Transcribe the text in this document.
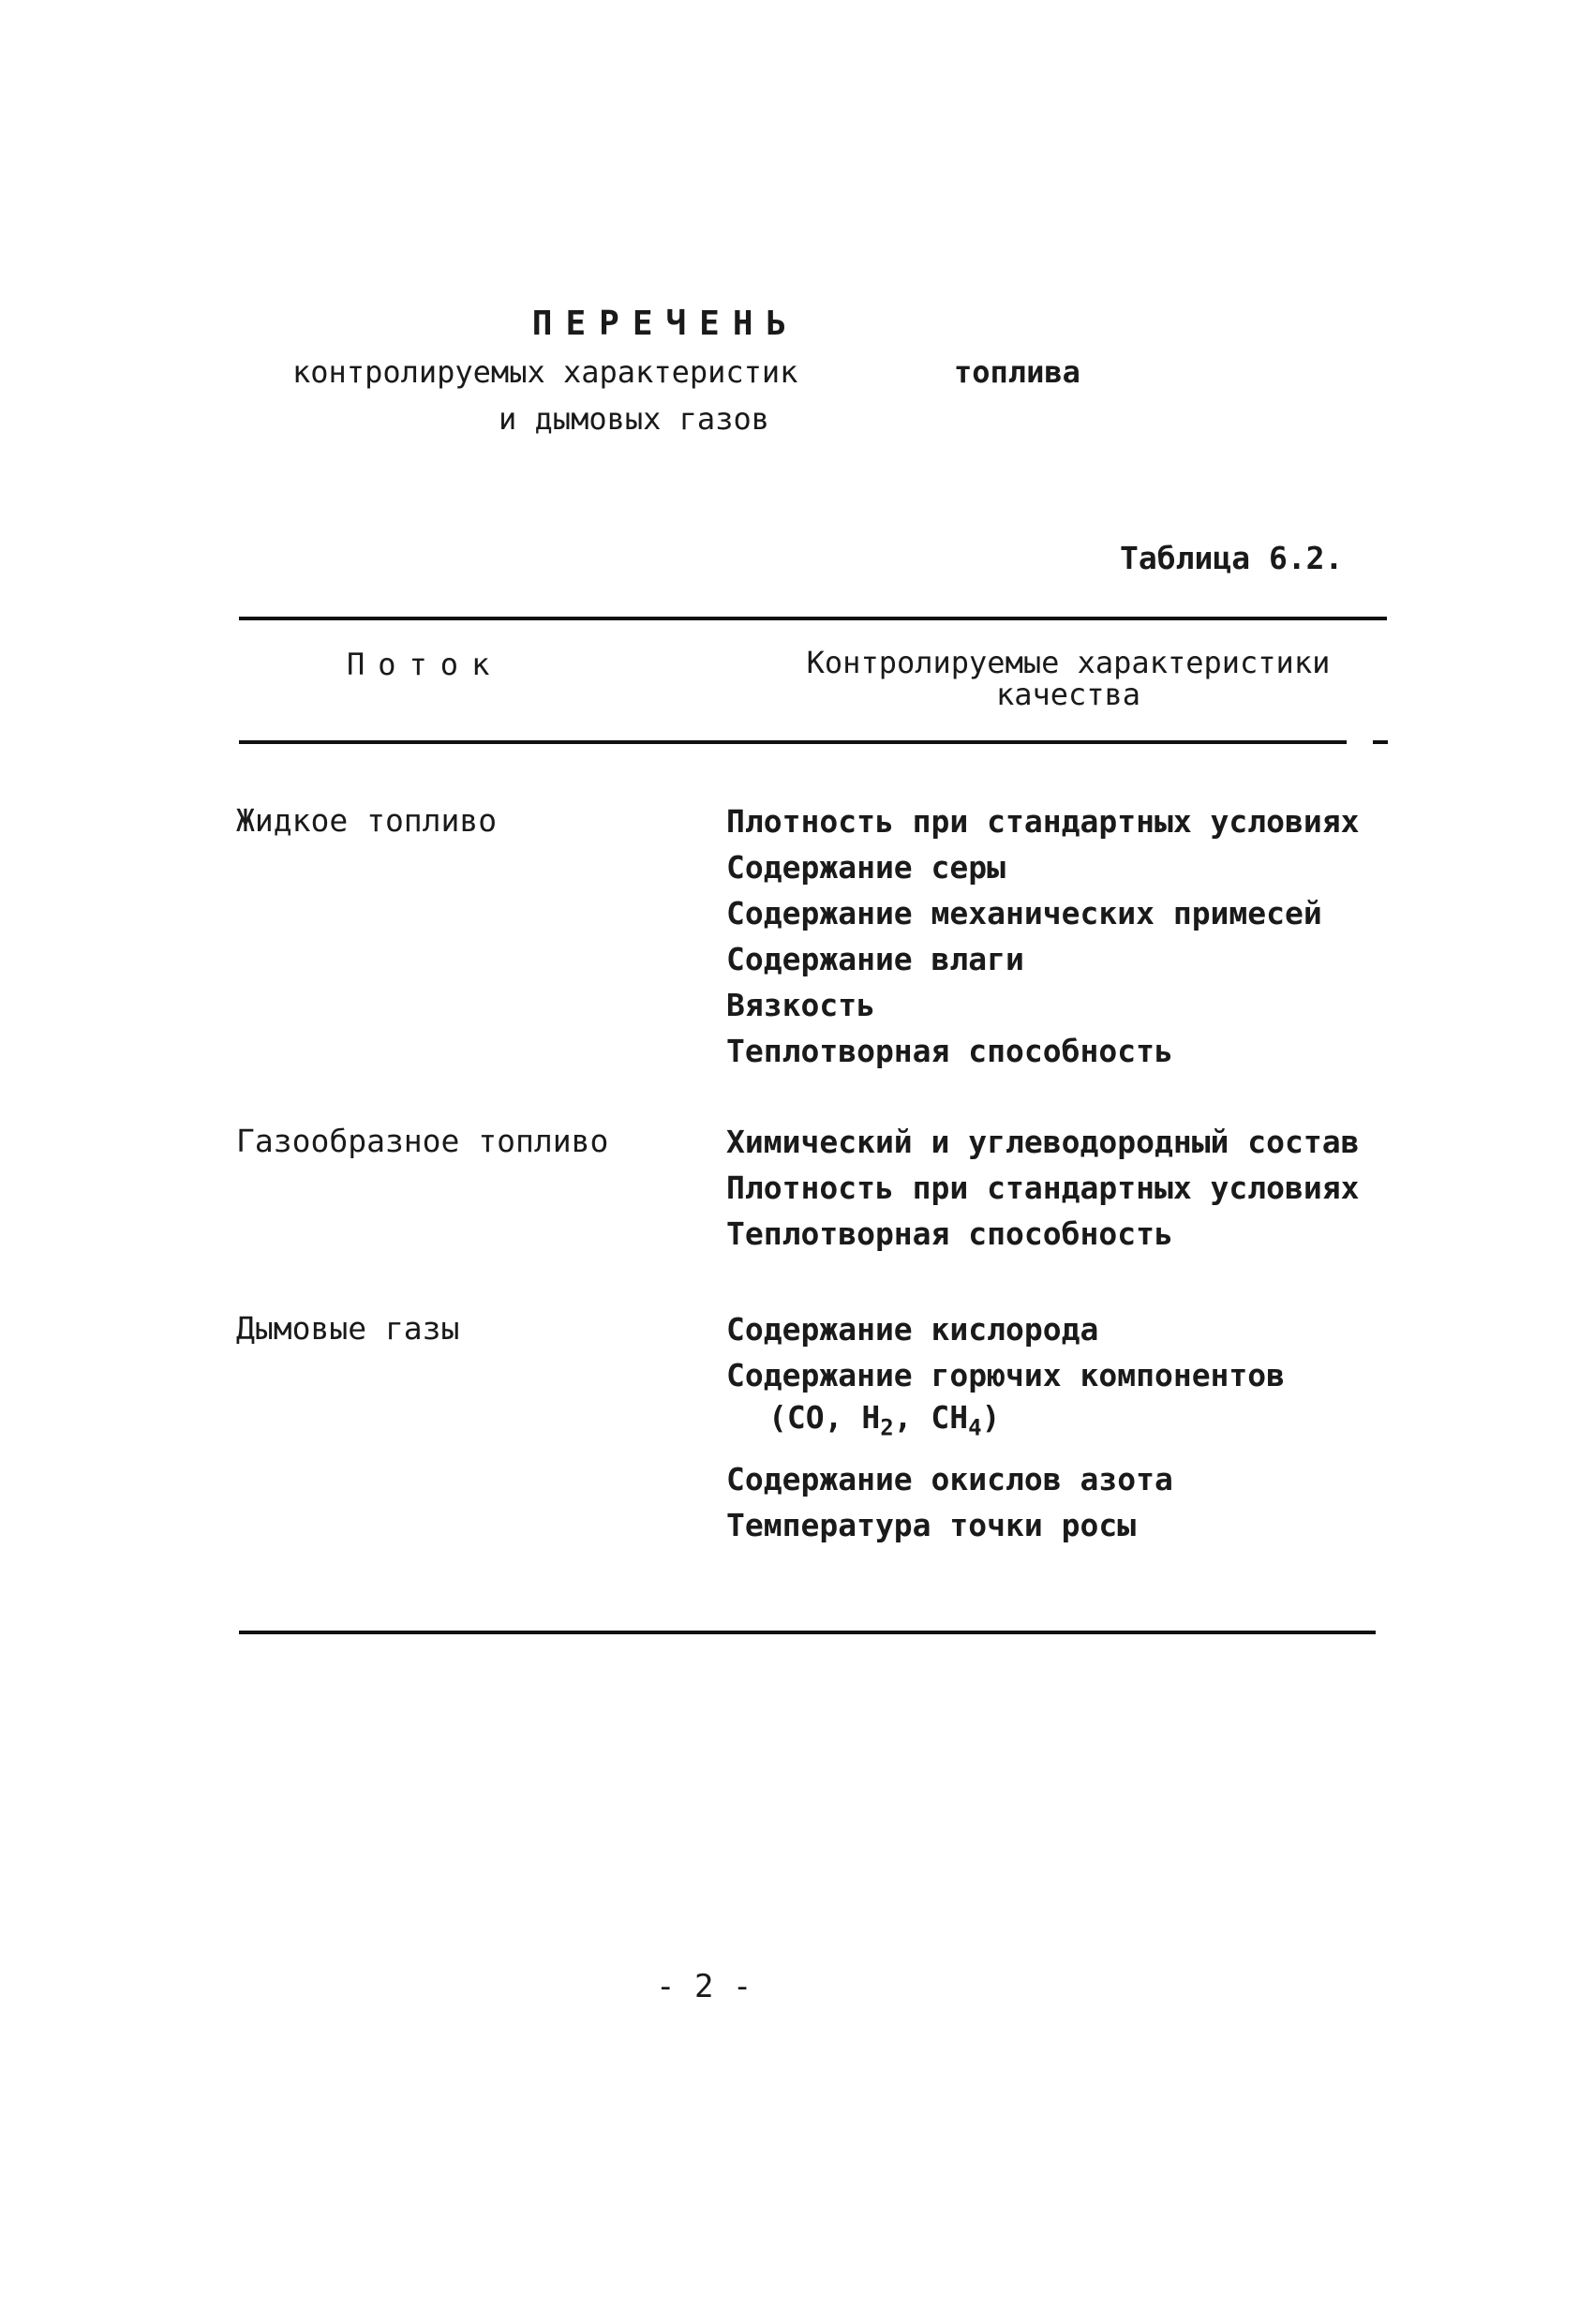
ПЕРЕЧЕНЬ
контролируемых характеристик	топлива
и дымовых газов
Таблица 6.2.
Поток	Контролируемые характеристики
качества
Жидкое топливо	Плотность при стандартных условиях
Содержание серы
Содержание механических примесей
Содержание влаги
Вязкость
Теплотворная способность
Газообразное топливо	Химический и углеводородный состав
Плотность при стандартных условиях
Теплотворная способность
Дымовые газы	Содержание кислорода
Содержание горючих компонентов
(CO, $H_2$, $CH_4$)
Содержание окислов азота
Температура точки росы
- 2 -
